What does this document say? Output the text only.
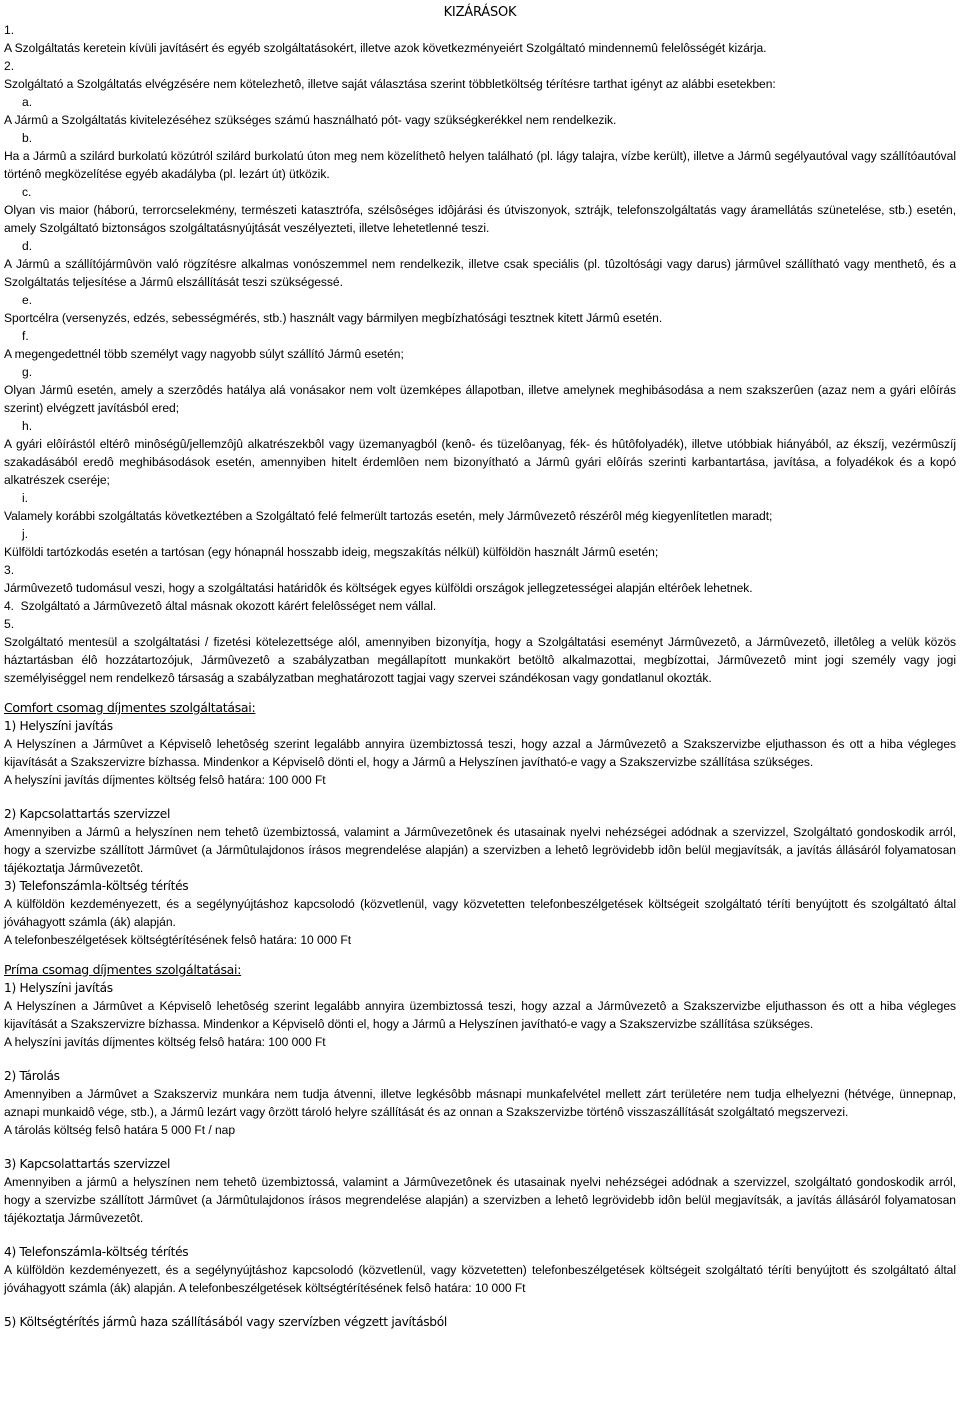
KIZÁRÁSOK
1.

A Szolgáltatás keretein kívüli javításért és egyéb szolgáltatásokért, illetve azok következményeiért Szolgáltató mindennemû felelôsségét kizárja.

2.

Szolgáltató a Szolgáltatás elvégzésére nem kötelezhetô, illetve saját választása szerint többletköltség térítésre tarthat igényt az alábbi esetekben:

a.

A Jármû a Szolgáltatás kivitelezéséhez szükséges számú használható pót- vagy szükségkerékkel nem rendelkezik.

b.

Ha a Jármû a szilárd burkolatú közútról szilárd burkolatú úton meg nem közelíthetô helyen található (pl. lágy talajra, vízbe került), illetve a Jármû segélyautóval vagy szállítóautóval történô megközelítése egyéb akadályba (pl. lezárt út) ütközik.

c.

Olyan vis maior (háború, terrorcselekmény, természeti katasztrófa, szélsôséges idôjárási és útviszonyok, sztrájk, telefonszolgáltatás vagy áramellátás szünetelése, stb.) esetén, amely Szolgáltató biztonságos szolgáltatásnyújtását veszélyezteti, illetve lehetetlenné teszi.

d.

A Jármû a szállítójármûvön való rögzítésre alkalmas vonószemmel nem rendelkezik, illetve csak speciális (pl. tûzoltósági vagy darus) jármûvel szállítható vagy menthetô, és a Szolgáltatás teljesítése a Jármû elszállítását teszi szükségessé.

e.

Sportcélra (versenyzés, edzés, sebességmérés, stb.) használt vagy bármilyen megbízhatósági tesztnek kitett Jármû esetén.

f.

A megengedettnél több személyt vagy nagyobb súlyt szállító Jármû esetén;

g.

Olyan Jármû esetén, amely a szerzôdés hatálya alá vonásakor nem volt üzemképes állapotban, illetve amelynek meghibásodása a nem szakszerûen (azaz nem a gyári elôírás szerint) elvégzett javításból ered;

h.

A gyári elôírástól eltérô minôségû/jellemzôjû alkatrészekbôl vagy üzemanyagból (kenô- és tüzelôanyag, fék- és hûtôfolyadék), illetve utóbbiak hiányából, az ékszíj, vezérmûszíj szakadásából eredô meghibásodások esetén, amennyiben hitelt érdemlôen nem bizonyítható a Jármû gyári elôírás szerinti karbantartása, javítása, a folyadékok és a kopó alkatrészek cseréje;

i.

Valamely korábbi szolgáltatás következtében a Szolgáltató felé felmerült tartozás esetén, mely Jármûvezetô részérôl még kiegyenlítetlen maradt;

j.

Külföldi tartózkodás esetén a tartósan (egy hónapnál hosszabb ideig, megszakítás nélkül) külföldön használt Jármû esetén;

3.

Jármûvezetô tudomásul veszi, hogy a szolgáltatási határidôk és költségek egyes külföldi országok jellegzetességei alapján eltérôek lehetnek.

4. Szolgáltató a Jármûvezetô által másnak okozott kárért felelôsséget nem vállal.

5.

Szolgáltató mentesül a szolgáltatási / fizetési kötelezettsége alól, amennyiben bizonyítja, hogy a Szolgáltatási eseményt Jármûvezetô, a Jármûvezetô, illetôleg a velük közös háztartásban élô hozzátartozójuk, Jármûvezetô a szabályzatban megállapított munkakört betöltô alkalmazottai, megbízottai, Jármûvezetô mint jogi személy vagy jogi személyiséggel nem rendelkezô társaság a szabályzatban meghatározott tagjai vagy szervei szándékosan vagy gondatlanul okozták.

Comfort csomag díjmentes szolgáltatásai:
1) Helyszíni javítás

A Helyszínen a Jármûvet a Képviselô lehetôség szerint legalább annyira üzembiztossá teszi, hogy azzal a Jármûvezetô a Szakszervizbe eljuthasson és ott a hiba végleges kijavítását a Szakszervizre bízhassa. Mindenkor a Képviselô dönti el, hogy a Jármû a Helyszínen javítható-e vagy a Szakszervizbe szállítása szükséges.

A helyszíni javítás díjmentes költség felsô határa: 100 000 Ft

2) Kapcsolattartás szervizzel

Amennyiben a Jármû a helyszínen nem tehetô üzembiztossá, valamint a Jármûvezetônek és utasainak nyelvi nehézségei adódnak a szervizzel, Szolgáltató gondoskodik arról, hogy a szervizbe szállított Jármûvet (a Jármûtulajdonos írásos megrendelése alapján) a szervizben a lehetô legrövidebb idôn belül megjavítsák, a javítás állásáról folyamatosan tájékoztatja Jármûvezetôt.

3) Telefonszámla-költség térítés

A külföldön kezdeményezett, és a segélynyújtáshoz kapcsolodó (közvetlenül, vagy közvetetten telefonbeszélgetések költségeit szolgáltató téríti benyújtott és szolgáltató által jóváhagyott számla (ák) alapján.

A telefonbeszélgetések költségtérítésének felsô határa: 10 000 Ft

Príma csomag díjmentes szolgáltatásai:
1) Helyszíni javítás

A Helyszínen a Jármûvet a Képviselô lehetôség szerint legalább annyira üzembiztossá teszi, hogy azzal a Jármûvezetô a Szakszervizbe eljuthasson és ott a hiba végleges kijavítását a Szakszervizre bízhassa. Mindenkor a Képviselô dönti el, hogy a Jármû a Helyszínen javítható-e vagy a Szakszervizbe szállítása szükséges.

A helyszíni javítás díjmentes költség felsô határa: 100 000 Ft

2) Tárolás

Amennyiben a Jármûvet a Szakszerviz munkára nem tudja átvenni, illetve legkésôbb másnapi munkafelvétel mellett zárt területére nem tudja elhelyezni (hétvége, ünnepnap, aznapi munkaidô vége, stb.), a Jármû lezárt vagy ôrzött tároló helyre szállítását és az onnan a Szakszervizbe történô visszaszállítását szolgáltató megszervezi.

A tárolás költség felsô határa 5 000 Ft / nap

3) Kapcsolattartás szervizzel

Amennyiben a jármû a helyszínen nem tehetô üzembiztossá, valamint a Jármûvezetônek és utasainak nyelvi nehézségei adódnak a szervizzel, szolgáltató gondoskodik arról, hogy a szervizbe szállított Jármûvet (a Jármûtulajdonos írásos megrendelése alapján) a szervizben a lehetô legrövidebb idôn belül megjavítsák, a javítás állásáról folyamatosan tájékoztatja Jármûvezetôt.

4) Telefonszámla-költség térítés

A külföldön kezdeményezett, és a segélynyújtáshoz kapcsolodó (közvetlenül, vagy közvetetten) telefonbeszélgetések költségeit szolgáltató téríti benyújtott és szolgáltató által jóváhagyott számla (ák) alapján. A telefonbeszélgetések költségtérítésének felsô határa: 10 000 Ft

5) Költségtérítés jármû haza szállításából vagy szervízben végzett javításból
